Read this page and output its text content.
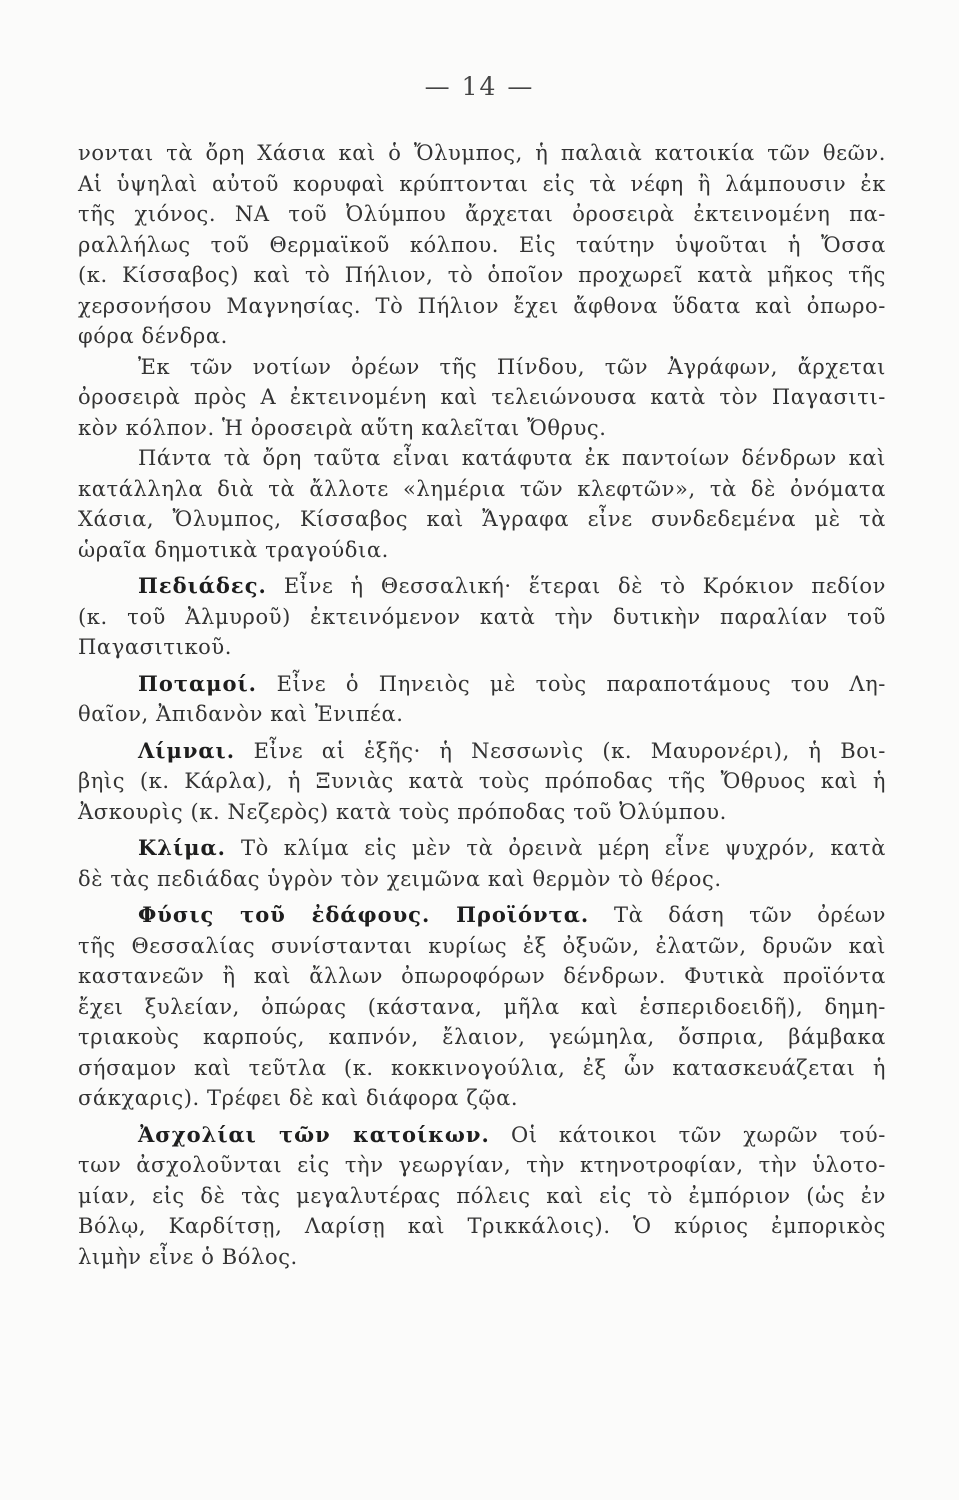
— 14 —
νονται τὰ ὄρη Χάσια καὶ ὁ Ὄλυμπος, ἡ παλαιὰ κατοικία τῶν θεῶν.
Αἱ ὑψηλαὶ αὐτοῦ κορυφαὶ κρύπτονται εἰς τὰ νέφη ἢ λάμπουσιν ἐκ
τῆς χιόνος. ΝΑ τοῦ Ὀλύμπου ἄρχεται ὀροσειρὰ ἐκτεινομένη πα-
ραλλήλως τοῦ Θερμαϊκοῦ κόλπου. Εἰς ταύτην ὑψοῦται ἡ Ὄσσα
(κ. Κίσσαβος) καὶ τὸ Πήλιον, τὸ ὁποῖον προχωρεῖ κατὰ μῆκος τῆς
χερσονήσου Μαγνησίας. Τὸ Πήλιον ἔχει ἄφθονα ὕδατα καὶ ὀπωρο-
φόρα δένδρα.
Ἐκ τῶν νοτίων ὀρέων τῆς Πίνδου, τῶν Ἀγράφων, ἄρχεται
ὀροσειρὰ πρὸς Α ἐκτεινομένη καὶ τελειώνουσα κατὰ τὸν Παγασιτι-
κὸν κόλπον. Ἡ ὀροσειρὰ αὕτη καλεῖται Ὄθρυς.
Πάντα τὰ ὄρη ταῦτα εἶναι κατάφυτα ἐκ παντοίων δένδρων καὶ
κατάλληλα διὰ τὰ ἄλλοτε «λημέρια τῶν κλεφτῶν», τὰ δὲ ὀνόματα
Χάσια, Ὄλυμπος, Κίσσαβος καὶ Ἄγραφα εἶνε συνδεδεμένα μὲ τὰ
ὡραῖα δημοτικὰ τραγούδια.
Πεδιάδες. Εἶνε ἡ Θεσσαλική· ἕτεραι δὲ τὸ Κρόκιον πεδίον
(κ. τοῦ Ἀλμυροῦ) ἐκτεινόμενον κατὰ τὴν δυτικὴν παραλίαν τοῦ
Παγασιτικοῦ.
Ποταμοί. Εἶνε ὁ Πηνειὸς μὲ τοὺς παραποτάμους του Λη-
θαῖον, Ἀπιδανὸν καὶ Ἐνιπέα.
Λίμναι. Εἶνε αἱ ἑξῆς· ἡ Νεσσωνὶς (κ. Μαυρονέρι), ἡ Βοι-
βηὶς (κ. Κάρλα), ἡ Ξυνιὰς κατὰ τοὺς πρόποδας τῆς Ὄθρυος καὶ ἡ
Ἀσκουρὶς (κ. Νεζερὸς) κατὰ τοὺς πρόποδας τοῦ Ὀλύμπου.
Κλίμα. Τὸ κλίμα εἰς μὲν τὰ ὀρεινὰ μέρη εἶνε ψυχρόν, κατὰ
δὲ τὰς πεδιάδας ὑγρὸν τὸν χειμῶνα καὶ θερμὸν τὸ θέρος.
Φύσις τοῦ ἐδάφους. Προϊόντα. Τὰ δάση τῶν ὀρέων
τῆς Θεσσαλίας συνίστανται κυρίως ἐξ ὀξυῶν, ἐλατῶν, δρυῶν καὶ
καστανεῶν ἢ καὶ ἄλλων ὀπωροφόρων δένδρων. Φυτικὰ προϊόντα
ἔχει ξυλείαν, ὀπώρας (κάστανα, μῆλα καὶ ἑσπεριδοειδῆ), δημη-
τριακοὺς καρπούς, καπνόν, ἔλαιον, γεώμηλα, ὄσπρια, βάμβακα
σήσαμον καὶ τεῦτλα (κ. κοκκινογούλια, ἐξ ὧν κατασκευάζεται ἡ
σάκχαρις). Τρέφει δὲ καὶ διάφορα ζῷα.
Ἀσχολίαι τῶν κατοίκων. Οἱ κάτοικοι τῶν χωρῶν τού-
των ἀσχολοῦνται εἰς τὴν γεωργίαν, τὴν κτηνοτροφίαν, τὴν ὑλοτο-
μίαν, εἰς δὲ τὰς μεγαλυτέρας πόλεις καὶ εἰς τὸ ἐμπόριον (ὡς ἐν
Βόλῳ, Καρδίτσῃ, Λαρίσῃ καὶ Τρικκάλοις). Ὁ κύριος ἐμπορικὸς
λιμὴν εἶνε ὁ Βόλος.
